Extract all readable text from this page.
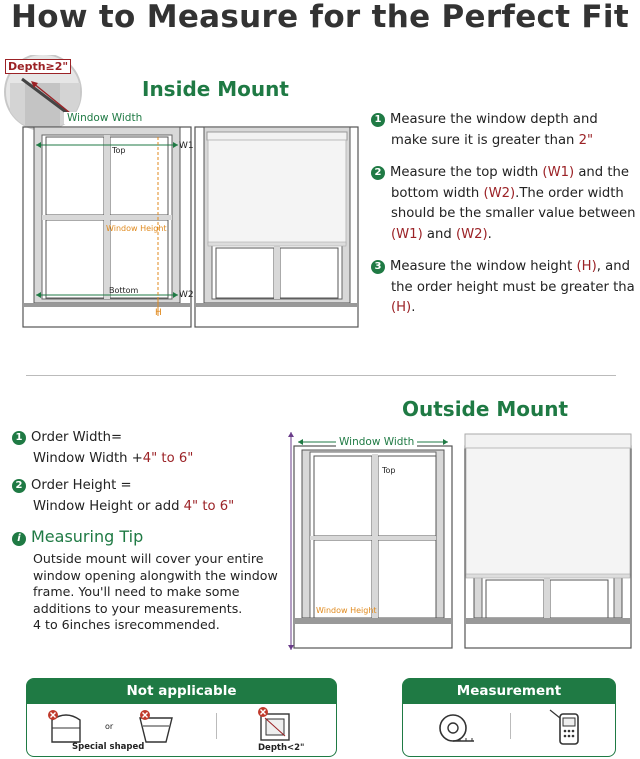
How to Measure for the Perfect Fit
Inside Mount
Depth≥2"
Window Width
Top
Bottom
Window Height
W1
W2
H
1 Measure the window depth and
make sure it is greater than 2"
2 Measure the top width (W1) and the
bottom width (W2).The order width
should be the smaller value between
(W1) and (W2).
3 Measure the window height (H), and
the order height must be greater tha
(H).
Outside Mount
1 Order Width=
Window Width +4" to 6"
2 Order Height =
Window Height or add 4" to 6"
i Measuring Tip
Outside mount will cover your entire
window opening alongwith the window
frame. You'll need to make some
additions to your measurements.
4 to 6inches isrecommended.
Window Width
Top
Window Height
Not applicable
or
Special shaped	Depth<2"
Measurement
